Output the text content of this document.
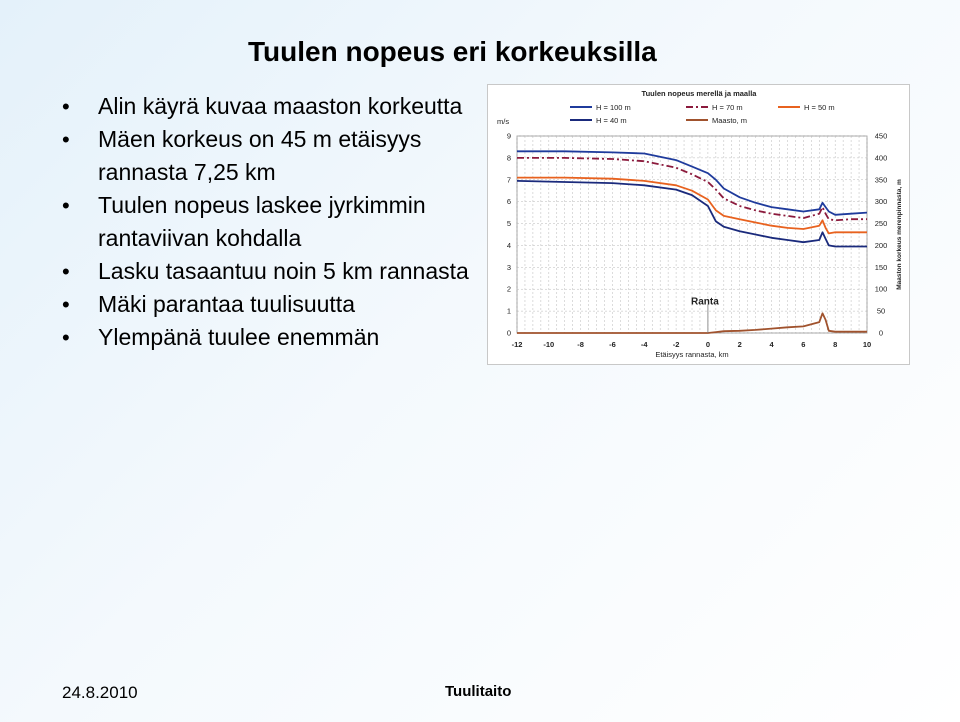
Tuulen nopeus eri korkeuksilla
• Alin käyrä kuvaa maaston korkeutta
• Mäen korkeus on 45 m etäisyys rannasta 7,25 km
• Tuulen nopeus laskee jyrkimmin rantaviivan kohdalla
• Lasku tasaantuu noin 5 km rannasta
• Mäki parantaa tuulisuutta
• Ylempänä tuulee enemmän	0
1
2
3
4
5
6
7
8
9
0
50
100
150
200
250
300
350
400
450
-12	-10	-8	-6	-4	-2	0	2	4	6	8	10
m/s
Etäisyys rannasta, km
Maaston korkeus merenpinnasta, m
Tuulen nopeus merellä ja maalla
H = 100 m	H = 70 m	H = 50 m
H = 40 m	Maasto, m
Ranta
24.8.2010	Tuulitaito
